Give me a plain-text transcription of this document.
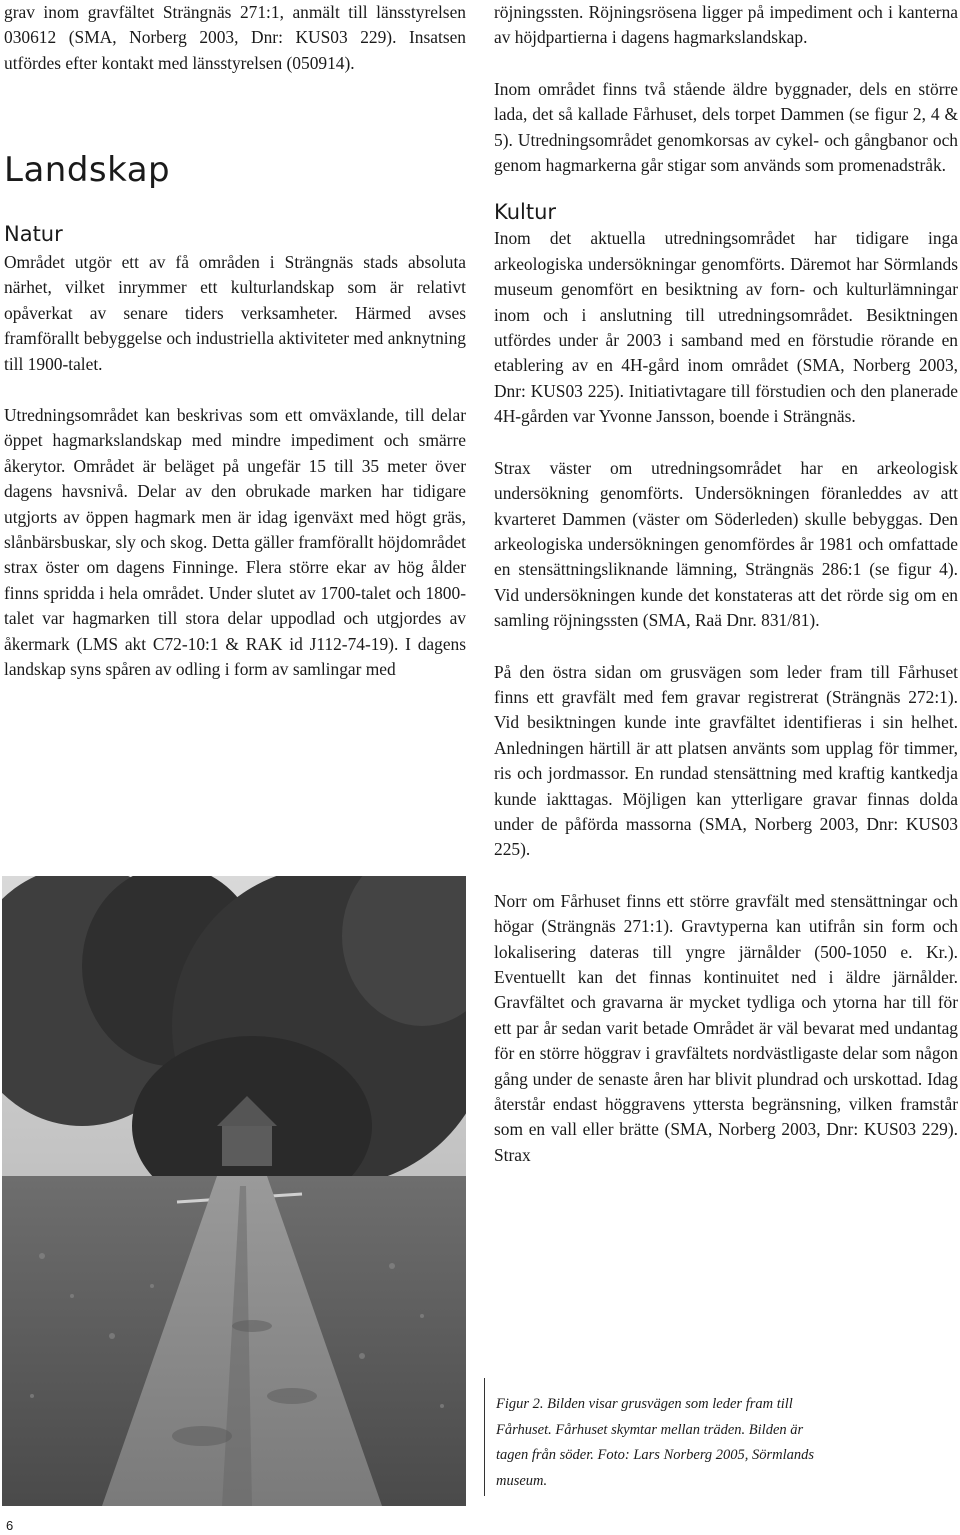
grav inom gravfältet Strängnäs 271:1, anmält till länsstyrelsen 030612 (SMA, Norberg 2003, Dnr: KUS03 229). Insatsen utfördes efter kontakt med länsstyrelsen (050914).

Landskap
Natur

Området utgör ett av få områden i Strängnäs stads absoluta närhet, vilket inrymmer ett kulturlandskap som är relativt opåverkat av senare tiders verksamheter. Härmed avses framförallt bebyggelse och industriella aktiviteter med anknytning till 1900-talet.

Utredningsområdet kan beskrivas som ett omväxlande, till delar öppet hagmarkslandskap med mindre impediment och smärre åkerytor. Området är beläget på ungefär 15 till 35 meter över dagens havsnivå. Delar av den obrukade marken har tidigare utgjorts av öppen hagmark men är idag igenväxt med högt gräs, slånbärsbuskar, sly och skog. Detta gäller framförallt höjdområdet strax öster om dagens Finninge. Flera större ekar av hög ålder finns spridda i hela området. Under slutet av 1700-talet och 1800-talet var hagmarken till stora delar uppodlad och utgjordes av åkermark (LMS akt C72-10:1 & RAK id J112-74-19). I dagens landskap syns spåren av odling i form av samlingar med

röjningssten. Röjningsrösena ligger på impediment och i kanterna av höjdpartierna i dagens hagmarkslandskap.

Inom området finns två stående äldre byggnader, dels en större lada, det så kallade Fårhuset, dels torpet Dammen (se figur 2, 4 & 5). Utredningsområdet genomkorsas av cykel- och gångbanor och genom hagmarkerna går stigar som används som promenadstråk.

Kultur

Inom det aktuella utredningsområdet har tidigare inga arkeologiska undersökningar genomförts. Däremot har Sörmlands museum genomfört en besiktning av forn- och kulturlämningar inom och i anslutning till utredningsområdet. Besiktningen utfördes under år 2003 i samband med en förstudie rörande en etablering av en 4H-gård inom området (SMA, Norberg 2003, Dnr: KUS03 225). Initiativtagare till förstudien och den planerade 4H-gården var Yvonne Jansson, boende i Strängnäs.

Strax väster om utredningsområdet har en arkeologisk undersökning genomförts. Undersökningen föranleddes av att kvarteret Dammen (väster om Söderleden) skulle bebyggas. Den arkeologiska undersökningen genomfördes år 1981 och omfattade en stensättningsliknande lämning, Strängnäs 286:1 (se figur 4). Vid undersökningen kunde det konstateras att det rörde sig om en samling röjningssten (SMA, Raä Dnr. 831/81).

På den östra sidan om grusvägen som leder fram till Fårhuset finns ett gravfält med fem gravar registrerat (Strängnäs 272:1). Vid besiktningen kunde inte gravfältet identifieras i sin helhet. Anledningen härtill är att platsen använts som upplag för timmer, ris och jordmassor. En rundad stensättning med kraftig kantkedja kunde iakttagas. Möjligen kan ytterligare gravar finnas dolda under de påförda massorna (SMA, Norberg 2003, Dnr: KUS03 225).

Norr om Fårhuset finns ett större gravfält med stensättningar och högar (Strängnäs 271:1). Gravtyperna kan utifrån sin form och lokalisering dateras till yngre järnålder (500-1050 e. Kr.). Eventuellt kan det finnas kontinuitet ned i äldre järnålder. Gravfältet och gravarna är mycket tydliga och ytorna har till för ett par år sedan varit betade Området är väl bevarat med undantag för en större höggrav i gravfältets nordvästligaste delar som någon gång under de senaste åren har blivit plundrad och urskottad. Idag återstår endast höggravens yttersta begränsning, vilken framstår som en vall eller brätte (SMA, Norberg 2003, Dnr: KUS03 229). Strax

Figur 2. Bilden visar grusvägen som leder fram till Fårhuset. Fårhuset skymtar mellan träden. Bilden är tagen från söder. Foto: Lars Norberg 2005, Sörmlands museum.
6
